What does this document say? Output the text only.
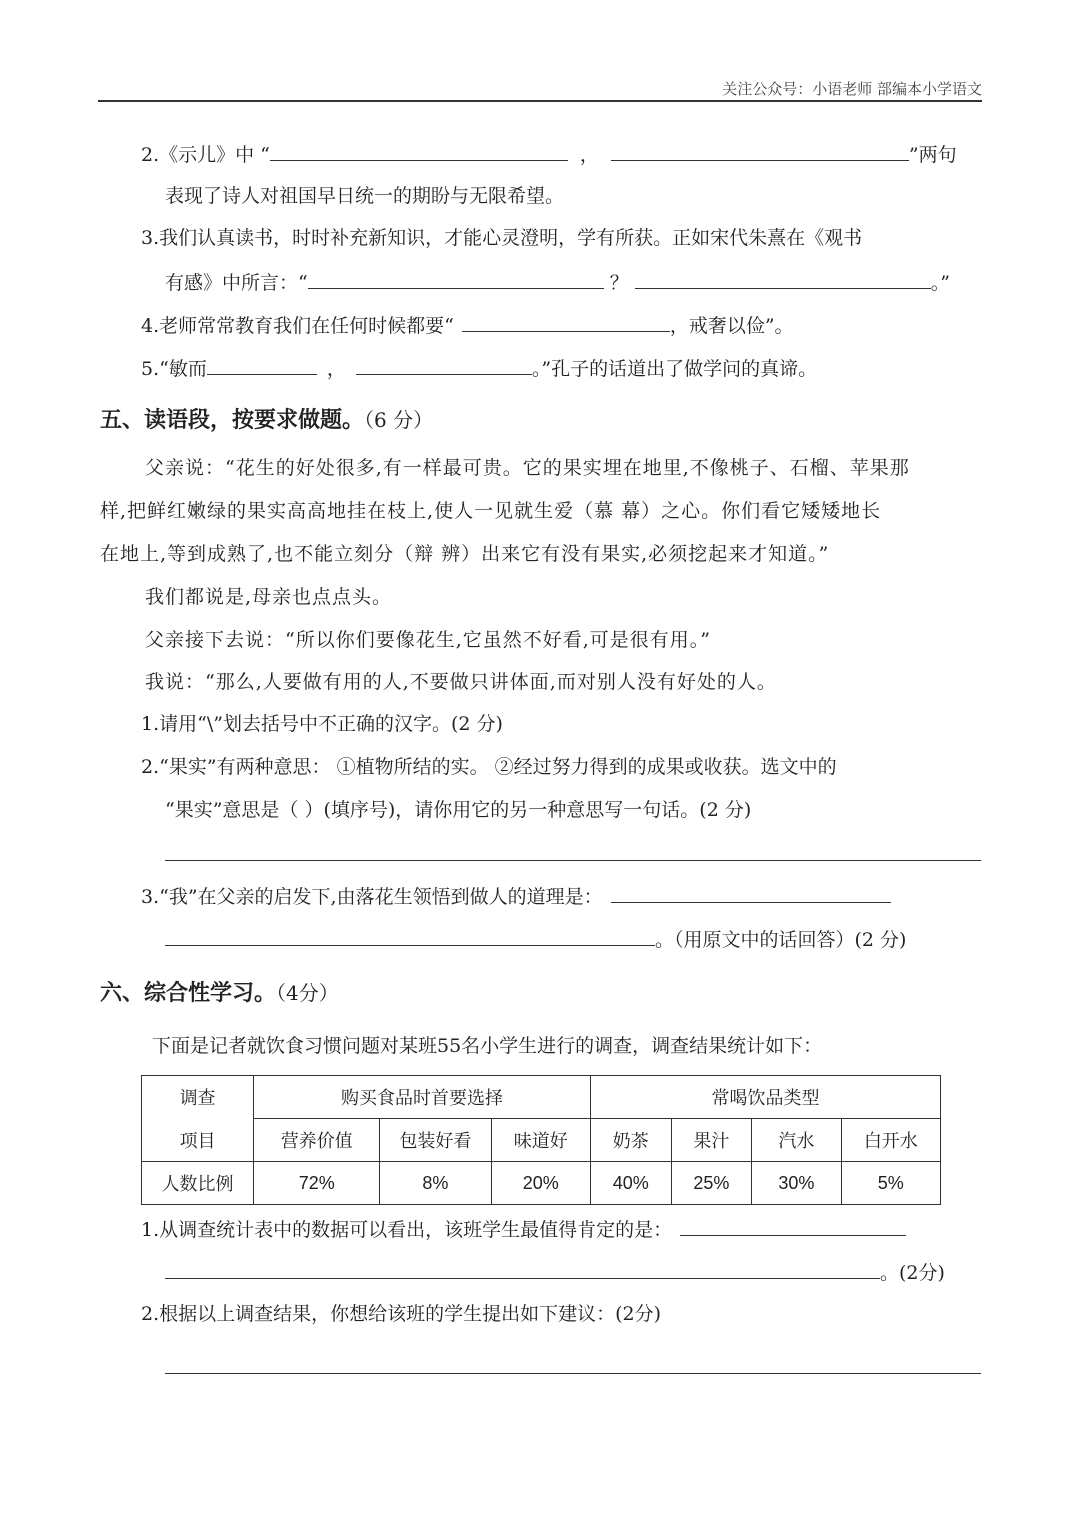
关注公众号：小语老师 部编本小学语文
2.《示儿》中 “	，	”两句
表现了诗人对祖国早日统一的期盼与无限希望。
3.我们认真读书，时时补充新知识，才能心灵澄明，学有所获。正如宋代朱熹在《观书
有感》中所言：“	？	。”
4.老师常常教育我们在任何时候都要“	，戒奢以俭”。
5.“敏而	，	。”孔子的话道出了做学问的真谛。
五、读语段，按要求做题。（6 分）
父亲说：“花生的好处很多,有一样最可贵。它的果实埋在地里,不像桃子、石榴、苹果那
样,把鲜红嫩绿的果实高高地挂在枝上,使人一见就生爱（慕 幕）之心。你们看它矮矮地长
在地上,等到成熟了,也不能立刻分（辩 辨）出来它有没有果实,必须挖起来才知道。”
我们都说是,母亲也点点头。
父亲接下去说：“所以你们要像花生,它虽然不好看,可是很有用。”
我说：“那么,人要做有用的人,不要做只讲体面,而对别人没有好处的人。
1.请用“\”划去括号中不正确的汉字。(2 分)
2.“果实”有两种意思： ①植物所结的实。 ②经过努力得到的成果或收获。选文中的
“果实”意思是（ ）(填序号)，请你用它的另一种意思写一句话。(2 分)
3.“我”在父亲的启发下,由落花生领悟到做人的道理是：
。（用原文中的话回答）(2 分)
六、综合性学习。（4分）
下面是记者就饮食习惯问题对某班55名小学生进行的调查，调查结果统计如下：
调查	购买食品时首要选择			常喝饮品类型			
项目	营养价值	包装好看	味道好	奶茶	果汁	汽水	白开水
人数比例	72%	8%	20%	40%	25%	30%	5%
1.从调查统计表中的数据可以看出，该班学生最值得肯定的是：
。(2分)
2.根据以上调查结果，你想给该班的学生提出如下建议：(2分)
